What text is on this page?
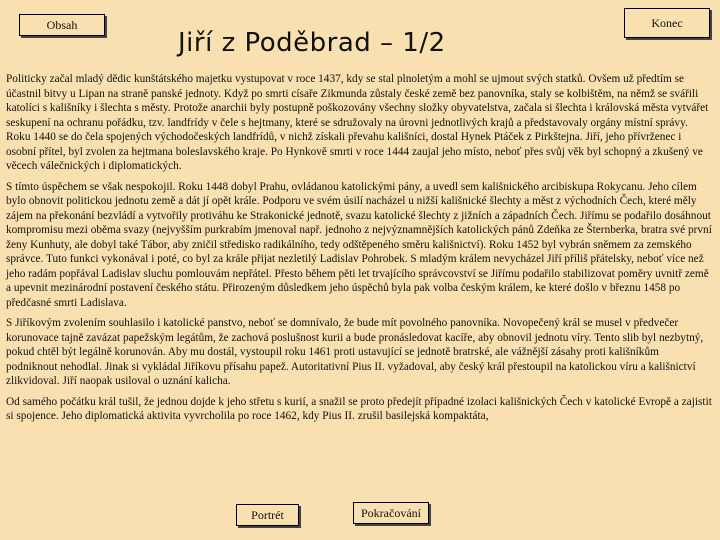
Obsah	Konec
Jiří z Poděbrad – 1/2

Politicky začal mladý dědic kunštátského majetku vystupovat v roce 1437, kdy se stal plnoletým a mohl se ujmout svých statků. Ovšem už předtím se účastnil bitvy u Lipan na straně panské jednoty. Když po smrti císaře Zikmunda zůstaly české země bez panovníka, staly se kolbištěm, na němž se svářili katolíci s kališníky i šlechta s městy. Protože anarchii byly postupně poškozovány všechny složky obyvatelstva, začala si šlechta i královská města vytvářet seskupení na ochranu pořádku, tzv. landfrídy v čele s hejtmany, které se sdružovaly na úrovni jednotlivých krajů a představovaly orgány místní správy. Roku 1440 se do čela spojených východočeských landfrídů, v nichž získali převahu kališníci, dostal Hynek Ptáček z Pirkštejna. Jiří, jeho přívrženec i osobní přítel, byl zvolen za hejtmana boleslavského kraje. Po Hynkově smrti v roce 1444 zaujal jeho místo, neboť přes svůj věk byl schopný a zkušený ve věcech válečnických i diplomatických.

S tímto úspěchem se však nespokojil. Roku 1448 dobyl Prahu, ovládanou katolickými pány, a uvedl sem kališnického arcibiskupa Rokycanu. Jeho cílem bylo obnovit politickou jednotu země a dát jí opět krále. Podporu ve svém úsilí nacházel u nižší kališnické šlechty a měst z východních Čech, které měly zájem na překonání bezvládí a vytvořily protiváhu ke Strakonické jednotě, svazu katolické šlechty z jižních a západních Čech. Jiřímu se podařilo dosáhnout kompromisu mezi oběma svazy (nejvyšším purkrabím jmenoval např. jednoho z nejvýznamnějších katolických pánů Zdeňka ze Šternberka, bratra své první ženy Kunhuty, ale dobyl také Tábor, aby zničil středisko radikálního, tedy odštěpeného směru kališnictví). Roku 1452 byl vybrán sněmem za zemského správce. Tuto funkci vykonával i poté, co byl za krále přijat nezletilý Ladislav Pohrobek. S mladým králem nevycházel Jiří příliš přátelsky, neboť více než jeho radám popřával Ladislav sluchu pomlouvám nepřátel. Přesto během pěti let trvajícího správcovství se Jiřímu podařilo stabilizovat poměry uvnitř země a upevnit mezinárodní postavení českého státu. Přirozeným důsledkem jeho úspěchů byla pak volba českým králem, ke které došlo v březnu 1458 po předčasné smrti Ladislava.

S Jiříkovým zvolením souhlasilo i katolické panstvo, neboť se domnívalo, že bude mít povolného panovníka. Novopečený král se musel v předvečer korunovace tajně zavázat papežským legátům, že zachová poslušnost kurii a bude pronásledovat kacíře, aby obnovil jednotu víry. Tento slib byl nezbytný, pokud chtěl být legálně korunován. Aby mu dostál, vystoupil roku 1461 proti ustavující se jednotě bratrské, ale vážnější zásahy proti kališníkům podniknout nehodlal. Jinak si vykládal Jiříkovu přísahu papež. Autoritativní Pius II. vyžadoval, aby český král přestoupil na katolickou víru a kališnictví zlikvidoval. Jiří naopak usiloval o uznání kalicha.

Od samého počátku král tušil, že jednou dojde k jeho střetu s kurií, a snažil se proto předejít případné izolaci kališnických Čech v katolické Evropě a zajistit si spojence. Jeho diplomatická aktivita vyvrcholila po roce 1462, kdy Pius II. zrušil basilejská kompaktáta,

Portrét	Pokračování
